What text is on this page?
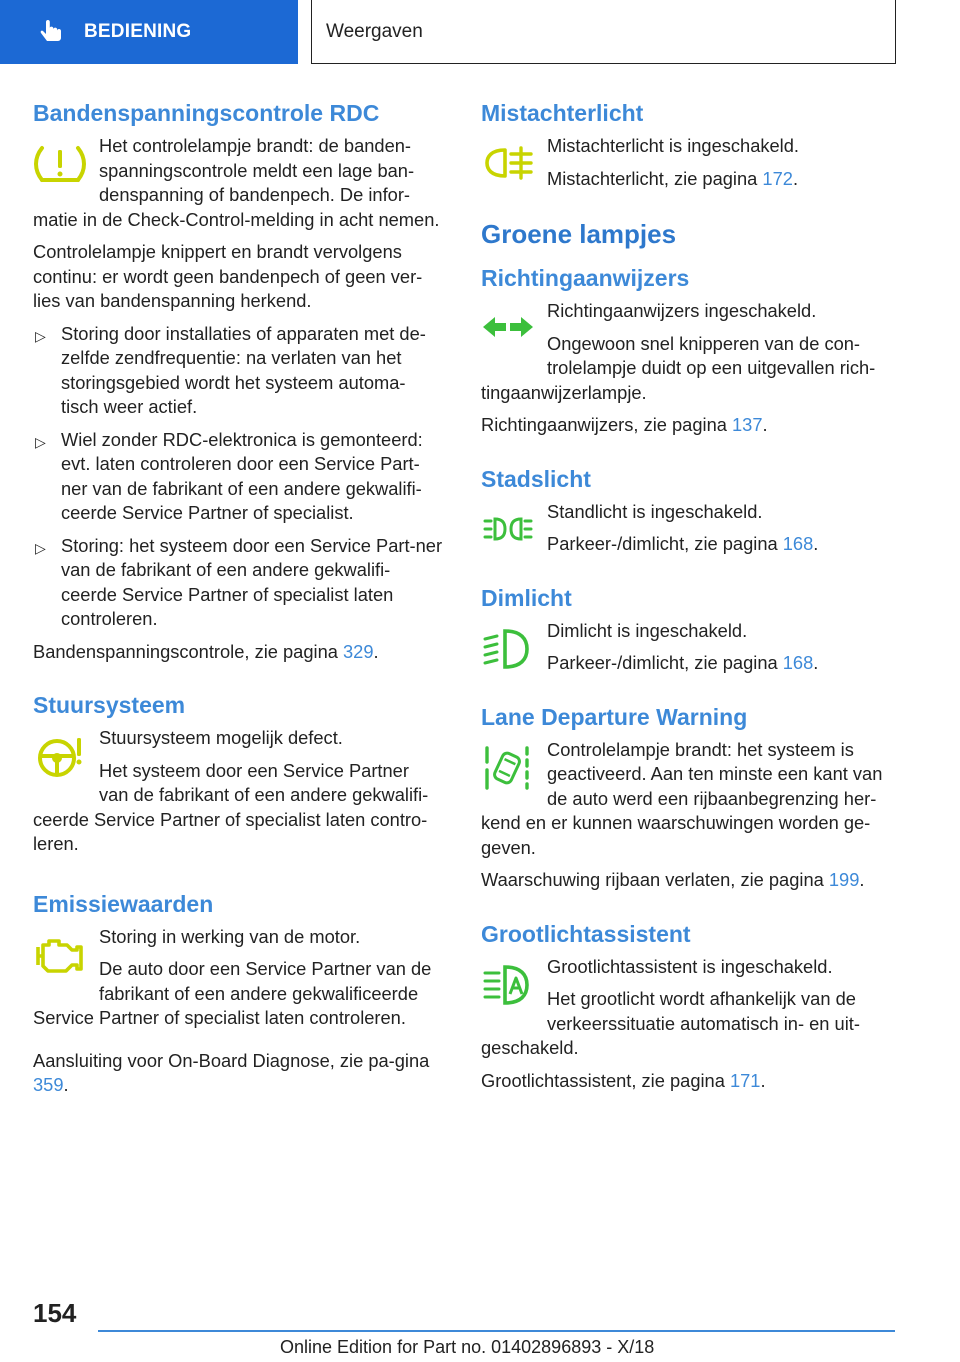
BEDIENING	Weergaven
Bandenspanningscontrole RDC

Het controlelampje brandt: de banden-

spanningscontrole meldt een lage ban-

denspanning of bandenpech. De infor-

matie in de Check-Control-melding in acht nemen.

Controlelampje knippert en brandt vervolgens continu: er wordt geen bandenpech of geen ver-lies van bandenspanning herkend.

▷ Storing door installaties of apparaten met de-zelfde zendfrequentie: na verlaten van het storingsgebied wordt het systeem automa-tisch weer actief.
▷ Wiel zonder RDC-elektronica is gemonteerd: evt. laten controleren door een Service Part-ner van de fabrikant of een andere gekwalifi-ceerde Service Partner of specialist.
▷ Storing: het systeem door een Service Part-ner van de fabrikant of een andere gekwalifi-ceerde Service Partner of specialist laten controleren.

Bandenspanningscontrole, zie pagina 329.

Stuursysteem

Stuursysteem mogelijk defect.

Het systeem door een Service Partner

van de fabrikant of een andere gekwalifi-

ceerde Service Partner of specialist laten contro-leren.

Emissiewaarden

Storing in werking van de motor.

De auto door een Service Partner van de

fabrikant of een andere gekwalificeerde

Service Partner of specialist laten controleren.

Aansluiting voor On-Board Diagnose, zie pa-gina 359.

Mistachterlicht

Mistachterlicht is ingeschakeld.

Mistachterlicht, zie pagina 172.

Groene lampjes
Richtingaanwijzers

Richtingaanwijzers ingeschakeld.

Ongewoon snel knipperen van de con-

trolelampje duidt op een uitgevallen rich-

tingaanwijzerlampje.

Richtingaanwijzers, zie pagina 137.

Stadslicht

Standlicht is ingeschakeld.

Parkeer-/dimlicht, zie pagina 168.

Dimlicht

Dimlicht is ingeschakeld.

Parkeer-/dimlicht, zie pagina 168.

Lane Departure Warning

Controlelampje brandt: het systeem is

geactiveerd. Aan ten minste een kant van

de auto werd een rijbaanbegrenzing her-

kend en er kunnen waarschuwingen worden ge-geven.

Waarschuwing rijbaan verlaten, zie pagina 199.

Grootlichtassistent

Grootlichtassistent is ingeschakeld.

Het grootlicht wordt afhankelijk van de

verkeerssituatie automatisch in- en uit-

geschakeld.

Grootlichtassistent, zie pagina 171.

154
Online Edition for Part no. 01402896893 - X/18
